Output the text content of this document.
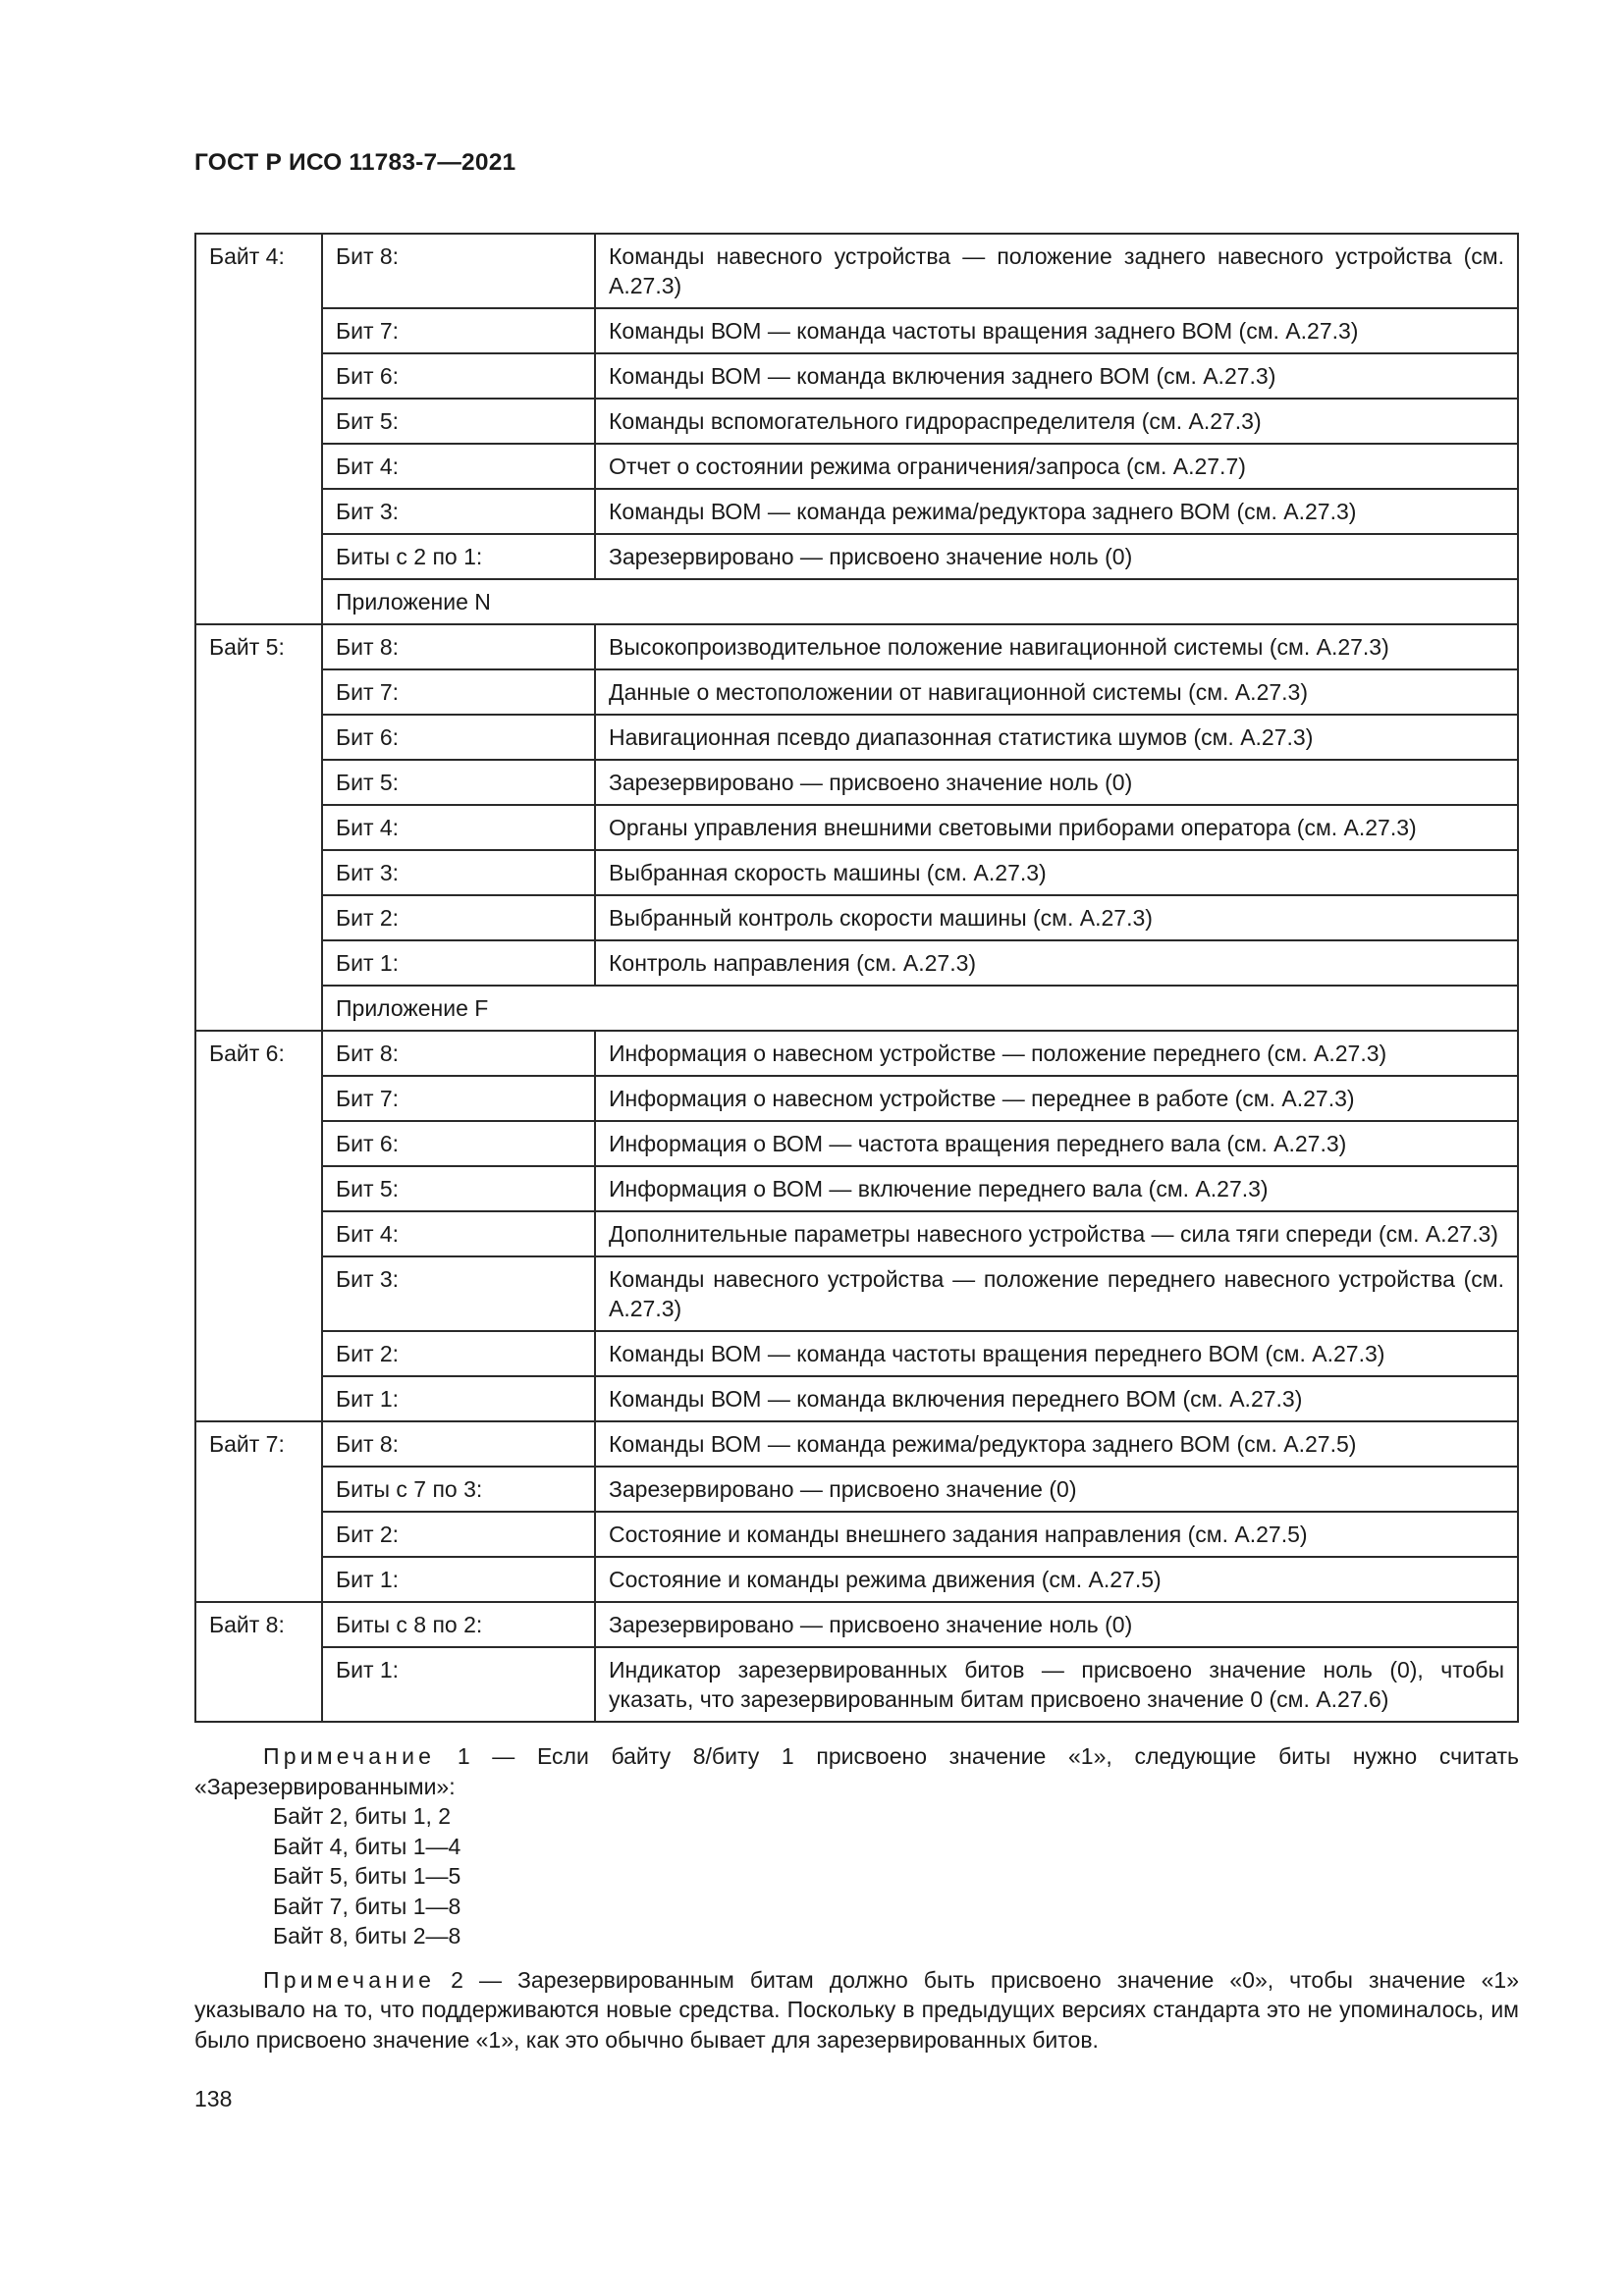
ГОСТ Р ИСО 11783-7—2021
Байт 4:	Бит 8:	Команды навесного устройства — положение заднего навесного устройства (см. А.27.3)
	Бит 7:	Команды ВОМ — команда частоты вращения заднего ВОМ (см. А.27.3)
	Бит 6:	Команды ВОМ — команда включения заднего ВОМ (см. А.27.3)
	Бит 5:	Команды вспомогательного гидрораспределителя (см. А.27.3)
	Бит 4:	Отчет о состоянии режима ограничения/запроса (см. А.27.7)
	Бит 3:	Команды ВОМ — команда режима/редуктора заднего ВОМ (см. А.27.3)
	Биты с 2 по 1:	Зарезервировано — присвоено значение ноль (0)
	Приложение N	
Байт 5:	Бит 8:	Высокопроизводительное положение навигационной системы (см. А.27.3)
	Бит 7:	Данные о местоположении от навигационной системы (см. А.27.3)
	Бит 6:	Навигационная псевдо диапазонная статистика шумов (см. А.27.3)
	Бит 5:	Зарезервировано — присвоено значение ноль (0)
	Бит 4:	Органы управления внешними световыми приборами оператора (см. А.27.3)
	Бит 3:	Выбранная скорость машины (см. А.27.3)
	Бит 2:	Выбранный контроль скорости машины (см. А.27.3)
	Бит 1:	Контроль направления (см. А.27.3)
	Приложение F	
Байт 6:	Бит 8:	Информация о навесном устройстве — положение переднего (см. А.27.3)
	Бит 7:	Информация о навесном устройстве — переднее в работе (см. А.27.3)
	Бит 6:	Информация о ВОМ — частота вращения переднего вала (см. А.27.3)
	Бит 5:	Информация о ВОМ — включение переднего вала (см. А.27.3)
	Бит 4:	Дополнительные параметры навесного устройства — сила тяги спереди (см. А.27.3)
	Бит 3:	Команды навесного устройства — положение переднего навесного устройства (см. А.27.3)
	Бит 2:	Команды ВОМ — команда частоты вращения переднего ВОМ (см. А.27.3)
	Бит 1:	Команды ВОМ — команда включения переднего ВОМ (см. А.27.3)
Байт 7:	Бит 8:	Команды ВОМ — команда режима/редуктора заднего ВОМ (см. А.27.5)
	Биты с 7 по 3:	Зарезервировано — присвоено значение (0)
	Бит 2:	Состояние и команды внешнего задания направления (см. А.27.5)
	Бит 1:	Состояние и команды режима движения (см. А.27.5)
Байт 8:	Биты с 8 по 2:	Зарезервировано — присвоено значение ноль (0)
	Бит 1:	Индикатор зарезервированных битов — присвоено значение ноль (0), чтобы указать, что зарезервированным битам присвоено значение 0 (см. А.27.6)

Примечание 1 — Если байту 8/биту 1 присвоено значение «1», следующие биты нужно считать «Зарезервированными»:

Байт 2, биты 1, 2
Байт 4, биты 1—4
Байт 5, биты 1—5
Байт 7, биты 1—8
Байт 8, биты 2—8

Примечание 2 — Зарезервированным битам должно быть присвоено значение «0», чтобы значение «1» указывало на то, что поддерживаются новые средства. Поскольку в предыдущих версиях стандарта это не упоминалось, им было присвоено значение «1», как это обычно бывает для зарезервированных битов.

138
